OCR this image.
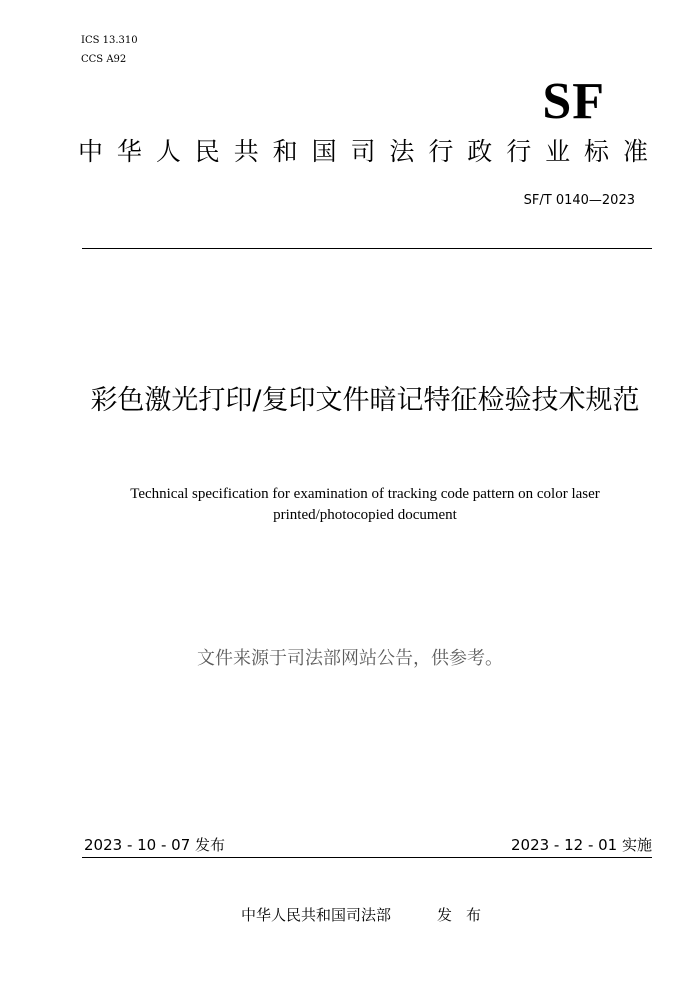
ICS 13.310
CCS A92
SF
中华人民共和国司法行政行业标准
SF/T 0140—2023
彩色激光打印/复印文件暗记特征检验技术规范
Technical specification for examination of tracking code pattern on color laser printed/photocopied document
文件来源于司法部网站公告，供参考。
2023 - 10 - 07 发布	2023 - 12 - 01 实施
中华人民共和国司法部	发布
